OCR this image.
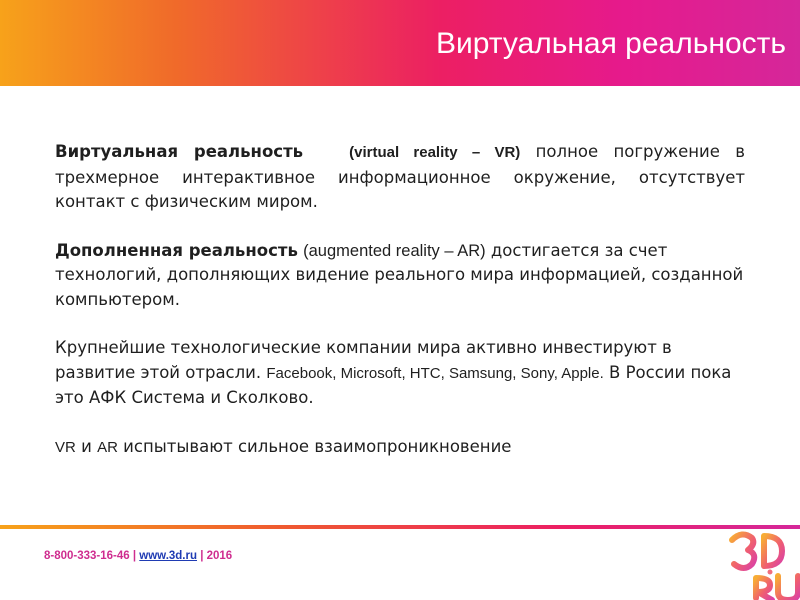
Виртуальная реальность

Виртуальная реальность	(virtual reality – VR) полное погружение в трехмерное интерактивное информационное окружение, отсутствует контакт с физическим миром.

Дополненная реальность (augmented reality – AR) достигается за счет технологий, дополняющих видение реального мира информацией, созданной компьютером.

Крупнейшие технологические компании мира активно инвестируют в развитие этой отрасли. Facebook, Microsoft, HTC, Samsung, Sony, Apple. В России пока это АФК Система и Сколково.

VR и AR испытывают сильное взаимопроникновение

8-800-333-16-46 | www.3d.ru | 2016
